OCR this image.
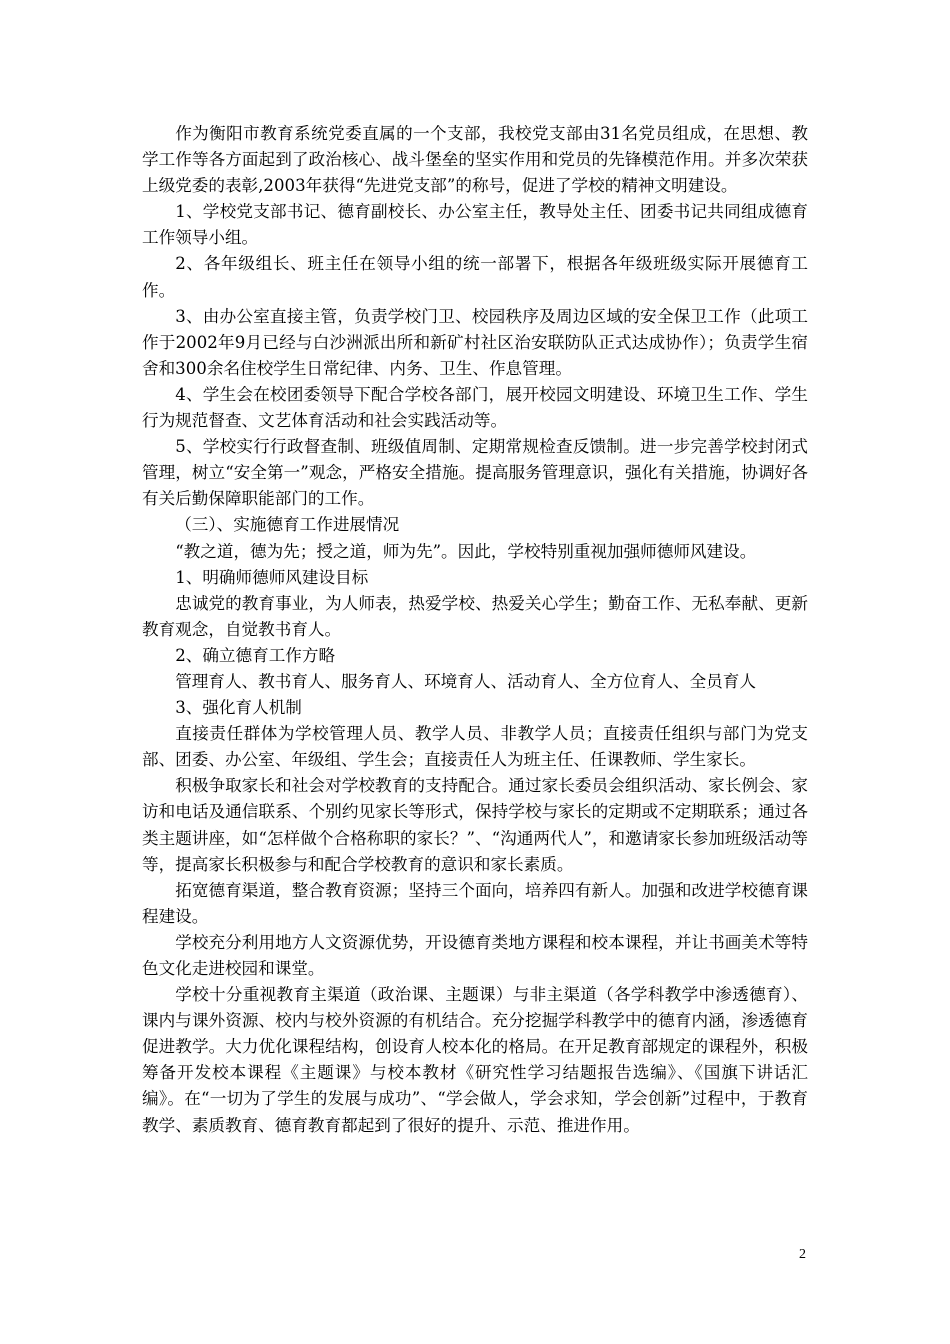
作为衡阳市教育系统党委直属的一个支部，我校党支部由31名党员组成，在思想、教学工作等各方面起到了政治核心、战斗堡垒的坚实作用和党员的先锋模范作用。并多次荣获上级党委的表彰,2003年获得“先进党支部”的称号，促进了学校的精神文明建设。

1、学校党支部书记、德育副校长、办公室主任，教导处主任、团委书记共同组成德育工作领导小组。

2、各年级组长、班主任在领导小组的统一部署下，根据各年级班级实际开展德育工作。

3、由办公室直接主管，负责学校门卫、校园秩序及周边区域的安全保卫工作（此项工作于2002年9月已经与白沙洲派出所和新矿村社区治安联防队正式达成协作）；负责学生宿舍和300余名住校学生日常纪律、内务、卫生、作息管理。

4、学生会在校团委领导下配合学校各部门，展开校园文明建设、环境卫生工作、学生行为规范督查、文艺体育活动和社会实践活动等。

5、学校实行行政督查制、班级值周制、定期常规检查反馈制。进一步完善学校封闭式管理，树立“安全第一”观念，严格安全措施。提高服务管理意识，强化有关措施，协调好各有关后勤保障职能部门的工作。

（三）、实施德育工作进展情况

“教之道，德为先；授之道，师为先”。因此，学校特别重视加强师德师风建设。

1、明确师德师风建设目标

忠诚党的教育事业，为人师表，热爱学校、热爱关心学生；勤奋工作、无私奉献、更新教育观念，自觉教书育人。

2、确立德育工作方略

管理育人、教书育人、服务育人、环境育人、活动育人、全方位育人、全员育人

3、强化育人机制

直接责任群体为学校管理人员、教学人员、非教学人员；直接责任组织与部门为党支部、团委、办公室、年级组、学生会；直接责任人为班主任、任课教师、学生家长。

积极争取家长和社会对学校教育的支持配合。通过家长委员会组织活动、家长例会、家访和电话及通信联系、个别约见家长等形式，保持学校与家长的定期或不定期联系；通过各类主题讲座，如“怎样做个合格称职的家长？”、“沟通两代人”，和邀请家长参加班级活动等等，提高家长积极参与和配合学校教育的意识和家长素质。

拓宽德育渠道，整合教育资源；坚持三个面向，培养四有新人。加强和改进学校德育课程建设。

学校充分利用地方人文资源优势，开设德育类地方课程和校本课程，并让书画美术等特色文化走进校园和课堂。

学校十分重视教育主渠道（政治课、主题课）与非主渠道（各学科教学中渗透德育）、课内与课外资源、校内与校外资源的有机结合。充分挖掘学科教学中的德育内涵，渗透德育促进教学。大力优化课程结构，创设育人校本化的格局。在开足教育部规定的课程外，积极筹备开发校本课程《主题课》与校本教材《研究性学习结题报告选编》、《国旗下讲话汇编》。在“一切为了学生的发展与成功”、“学会做人，学会求知，学会创新”过程中，于教育教学、素质教育、德育教育都起到了很好的提升、示范、推进作用。

2
